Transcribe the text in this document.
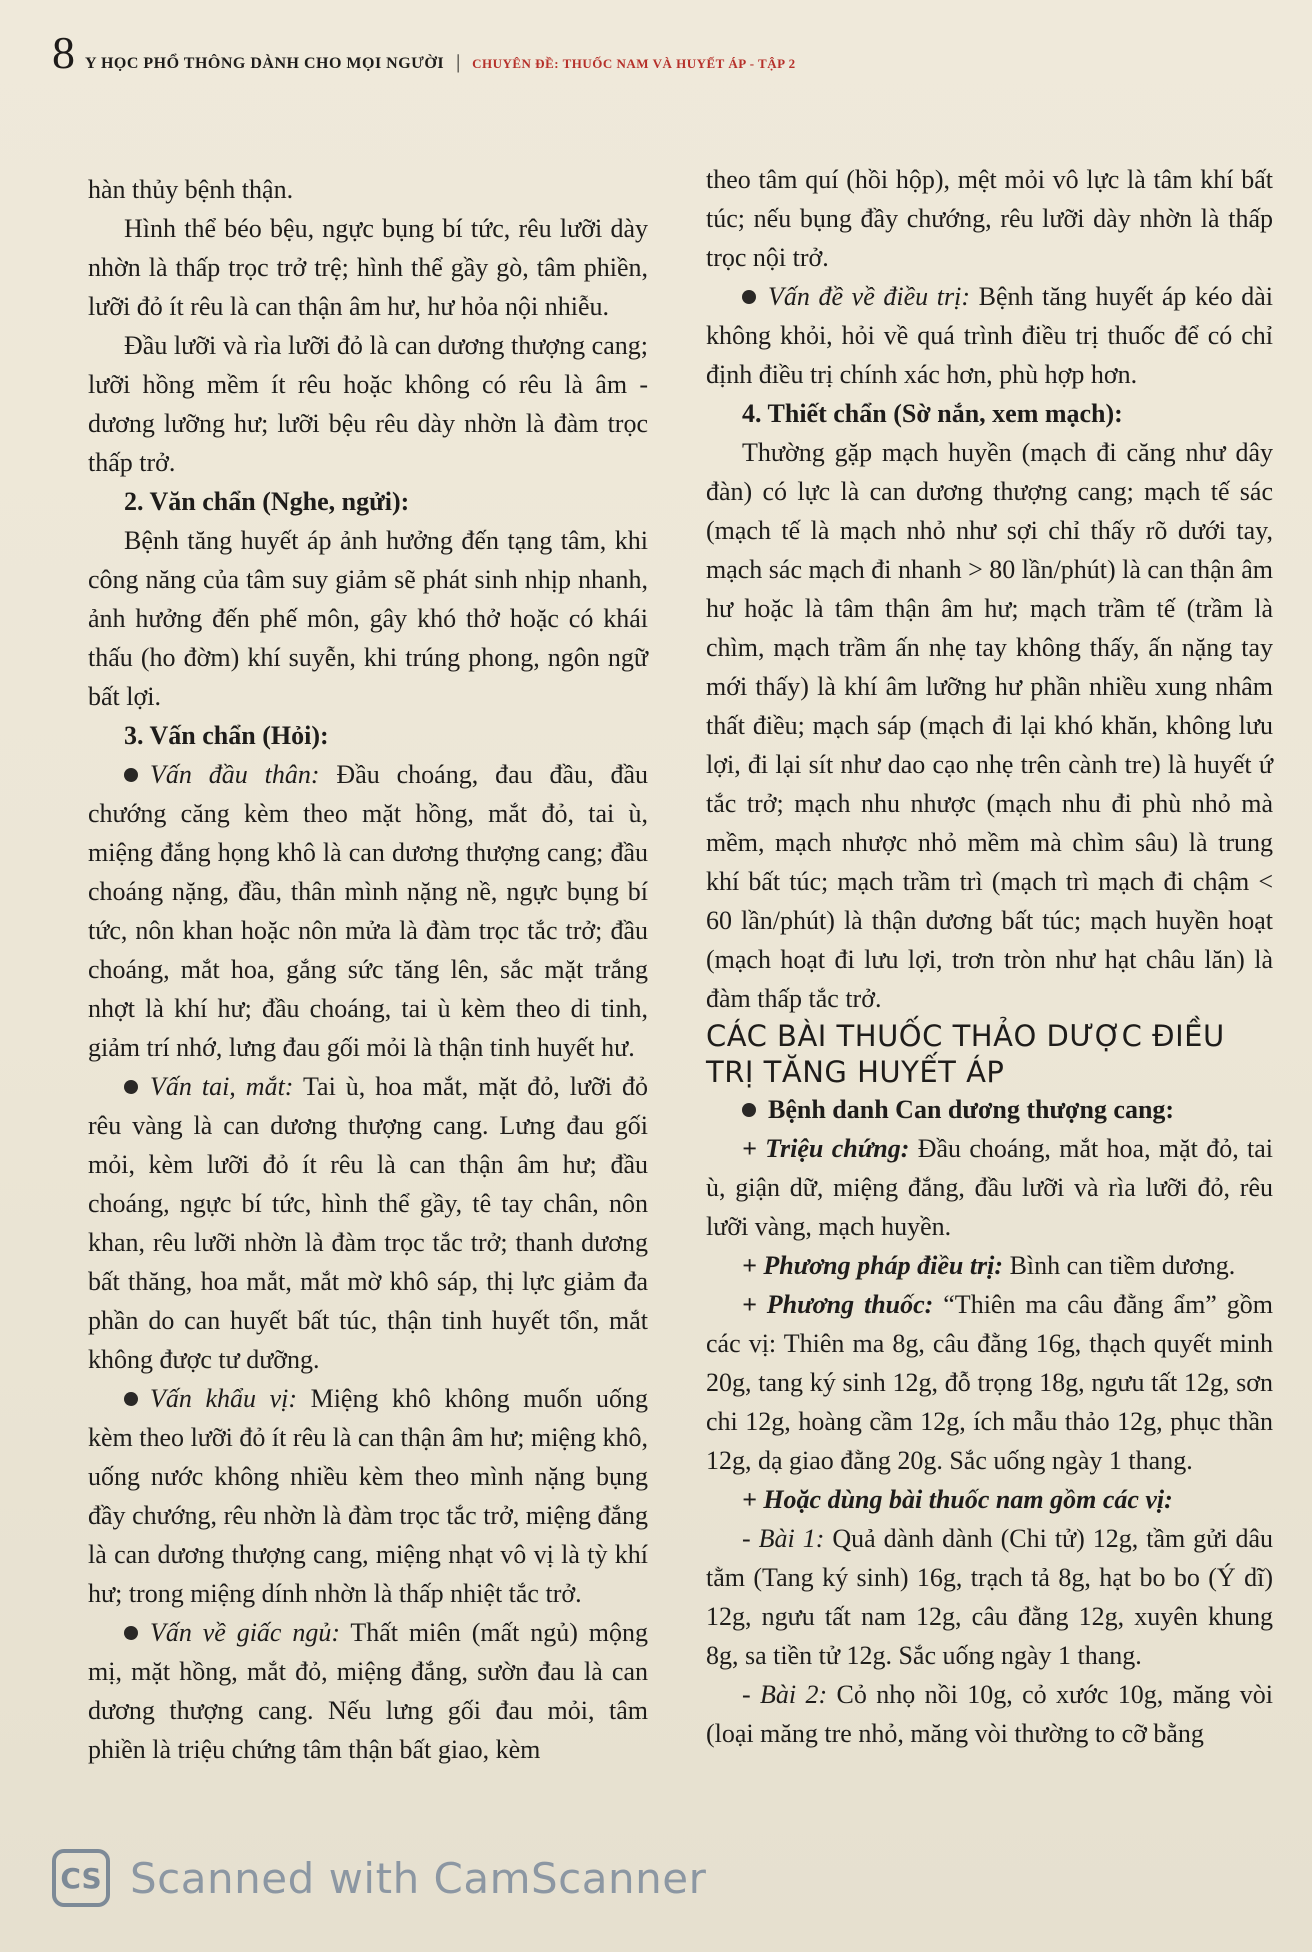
8 Y HỌC PHỔ THÔNG DÀNH CHO MỌI NGƯỜI | CHUYÊN ĐỀ: THUỐC NAM VÀ HUYẾT ÁP - TẬP 2

hàn thủy bệnh thận.

Hình thể béo bệu, ngực bụng bí tức, rêu lưỡi dày nhờn là thấp trọc trở trệ; hình thể gầy gò, tâm phiền, lưỡi đỏ ít rêu là can thận âm hư, hư hỏa nội nhiễu.

Đầu lưỡi và rìa lưỡi đỏ là can dương thượng cang; lưỡi hồng mềm ít rêu hoặc không có rêu là âm - dương lưỡng hư; lưỡi bệu rêu dày nhờn là đàm trọc thấp trở.

2. Văn chẩn (Nghe, ngửi):

Bệnh tăng huyết áp ảnh hưởng đến tạng tâm, khi công năng của tâm suy giảm sẽ phát sinh nhịp nhanh, ảnh hưởng đến phế môn, gây khó thở hoặc có khái thấu (ho đờm) khí suyễn, khi trúng phong, ngôn ngữ bất lợi.

3. Vấn chẩn (Hỏi):

Vấn đầu thân: Đầu choáng, đau đầu, đầu chướng căng kèm theo mặt hồng, mắt đỏ, tai ù, miệng đắng họng khô là can dương thượng cang; đầu choáng nặng, đầu, thân mình nặng nề, ngực bụng bí tức, nôn khan hoặc nôn mửa là đàm trọc tắc trở; đầu choáng, mắt hoa, gắng sức tăng lên, sắc mặt trắng nhợt là khí hư; đầu choáng, tai ù kèm theo di tinh, giảm trí nhớ, lưng đau gối mỏi là thận tinh huyết hư.

Vấn tai, mắt: Tai ù, hoa mắt, mặt đỏ, lưỡi đỏ rêu vàng là can dương thượng cang. Lưng đau gối mỏi, kèm lưỡi đỏ ít rêu là can thận âm hư; đầu choáng, ngực bí tức, hình thể gầy, tê tay chân, nôn khan, rêu lưỡi nhờn là đàm trọc tắc trở; thanh dương bất thăng, hoa mắt, mắt mờ khô sáp, thị lực giảm đa phần do can huyết bất túc, thận tinh huyết tổn, mắt không được tư dưỡng.

Vấn khẩu vị: Miệng khô không muốn uống kèm theo lưỡi đỏ ít rêu là can thận âm hư; miệng khô, uống nước không nhiều kèm theo mình nặng bụng đầy chướng, rêu nhờn là đàm trọc tắc trở, miệng đắng là can dương thượng cang, miệng nhạt vô vị là tỳ khí hư; trong miệng dính nhờn là thấp nhiệt tắc trở.

Vấn về giấc ngủ: Thất miên (mất ngủ) mộng mị, mặt hồng, mắt đỏ, miệng đắng, sườn đau là can dương thượng cang. Nếu lưng gối đau mỏi, tâm phiền là triệu chứng tâm thận bất giao, kèm

theo tâm quí (hồi hộp), mệt mỏi vô lực là tâm khí bất túc; nếu bụng đầy chướng, rêu lưỡi dày nhờn là thấp trọc nội trở.

Vấn đề về điều trị: Bệnh tăng huyết áp kéo dài không khỏi, hỏi về quá trình điều trị thuốc để có chỉ định điều trị chính xác hơn, phù hợp hơn.

4. Thiết chẩn (Sờ nắn, xem mạch):

Thường gặp mạch huyền (mạch đi căng như dây đàn) có lực là can dương thượng cang; mạch tế sác (mạch tế là mạch nhỏ như sợi chỉ thấy rõ dưới tay, mạch sác mạch đi nhanh > 80 lần/phút) là can thận âm hư hoặc là tâm thận âm hư; mạch trầm tế (trầm là chìm, mạch trầm ấn nhẹ tay không thấy, ấn nặng tay mới thấy) là khí âm lưỡng hư phần nhiều xung nhâm thất điều; mạch sáp (mạch đi lại khó khăn, không lưu lợi, đi lại sít như dao cạo nhẹ trên cành tre) là huyết ứ tắc trở; mạch nhu nhược (mạch nhu đi phù nhỏ mà mềm, mạch nhược nhỏ mềm mà chìm sâu) là trung khí bất túc; mạch trầm trì (mạch trì mạch đi chậm < 60 lần/phút) là thận dương bất túc; mạch huyền hoạt (mạch hoạt đi lưu lợi, trơn tròn như hạt châu lăn) là đàm thấp tắc trở.

CÁC BÀI THUỐC THẢO DƯỢC ĐIỀU TRỊ TĂNG HUYẾT ÁP

Bệnh danh Can dương thượng cang:

+ Triệu chứng: Đầu choáng, mắt hoa, mặt đỏ, tai ù, giận dữ, miệng đắng, đầu lưỡi và rìa lưỡi đỏ, rêu lưỡi vàng, mạch huyền.

+ Phương pháp điều trị: Bình can tiềm dương.

+ Phương thuốc: “Thiên ma câu đằng ẩm” gồm các vị: Thiên ma 8g, câu đằng 16g, thạch quyết minh 20g, tang ký sinh 12g, đỗ trọng 18g, ngưu tất 12g, sơn chi 12g, hoàng cầm 12g, ích mẫu thảo 12g, phục thần 12g, dạ giao đằng 20g. Sắc uống ngày 1 thang.

+ Hoặc dùng bài thuốc nam gồm các vị:

- Bài 1: Quả dành dành (Chi tử) 12g, tầm gửi dâu tằm (Tang ký sinh) 16g, trạch tả 8g, hạt bo bo (Ý dĩ) 12g, ngưu tất nam 12g, câu đằng 12g, xuyên khung 8g, sa tiền tử 12g. Sắc uống ngày 1 thang.

- Bài 2: Cỏ nhọ nồi 10g, cỏ xước 10g, măng vòi (loại măng tre nhỏ, măng vòi thường to cỡ bằng

CS Scanned with CamScanner
